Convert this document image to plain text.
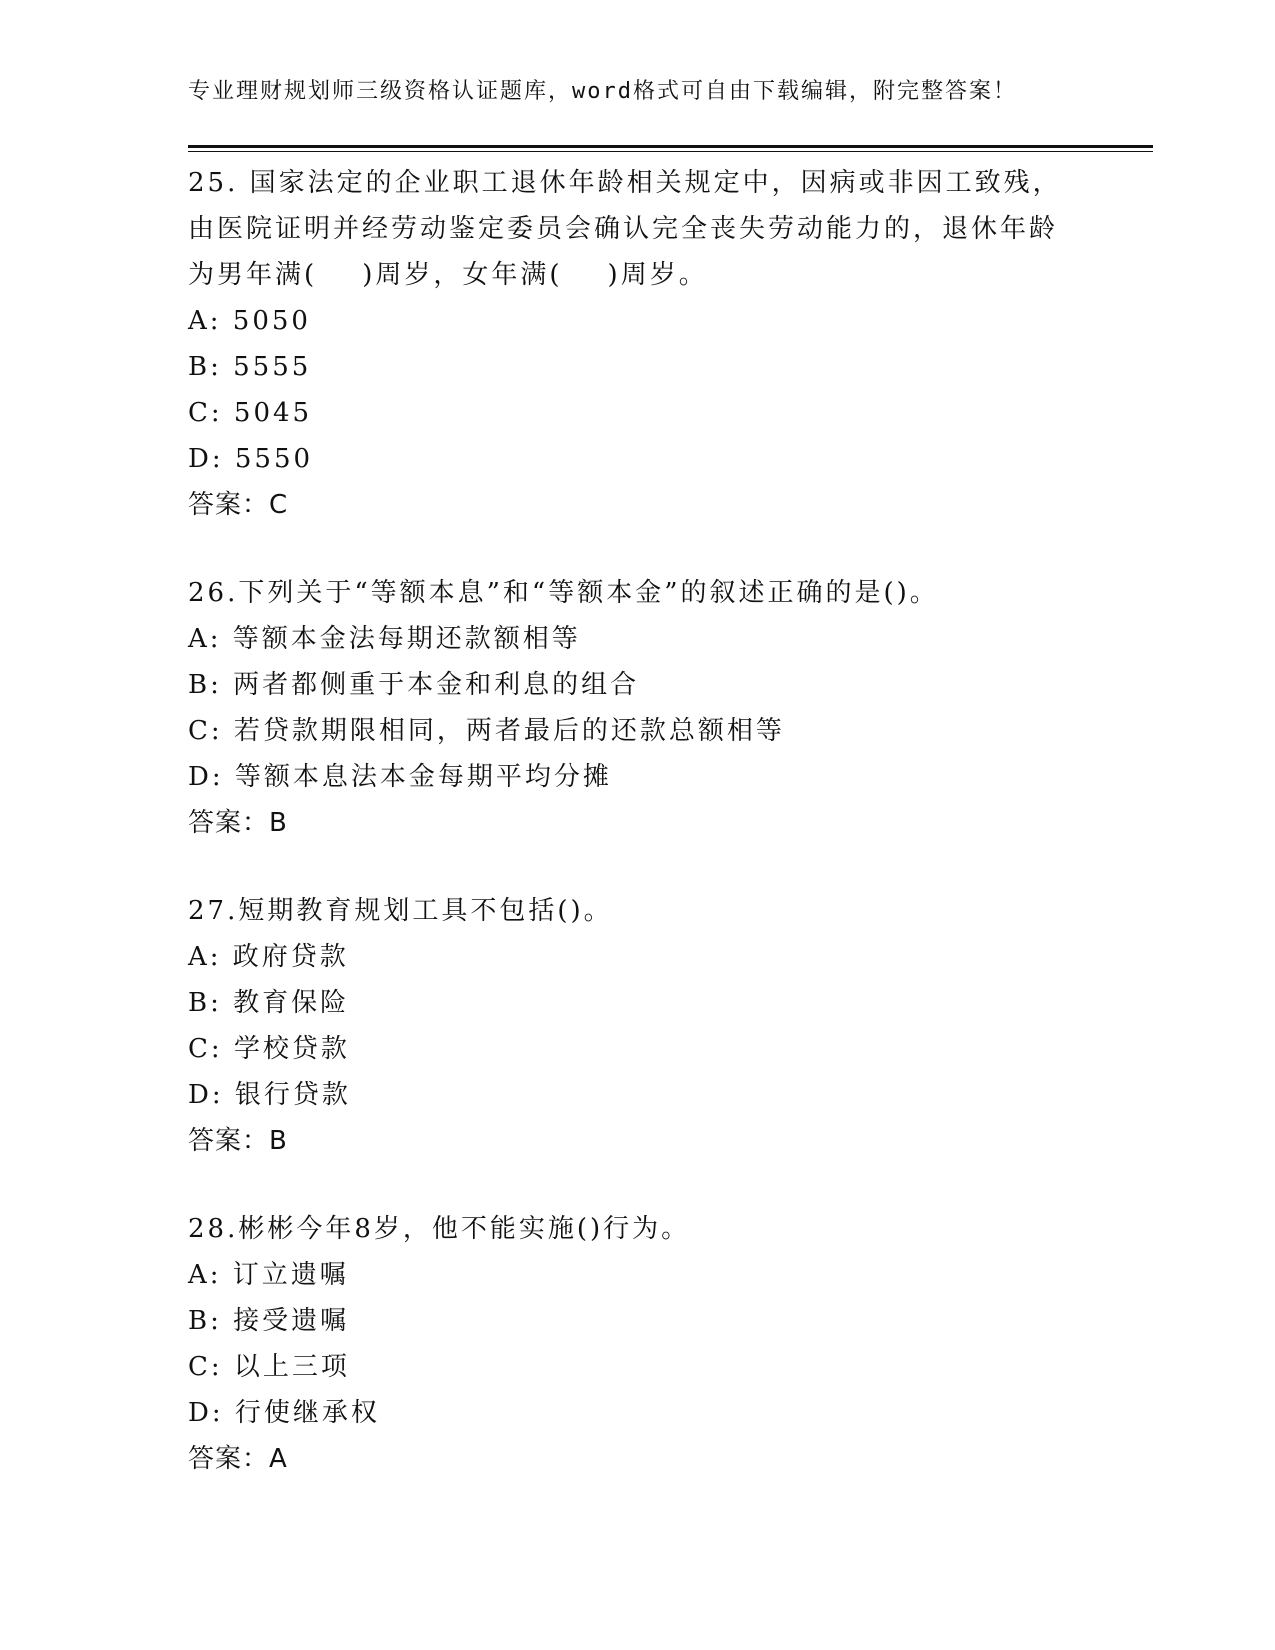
专业理财规划师三级资格认证题库，word格式可自由下载编辑，附完整答案！
25. 国家法定的企业职工退休年龄相关规定中，因病或非因工致残，
由医院证明并经劳动鉴定委员会确认完全丧失劳动能力的，退休年龄
为男年满(    )周岁，女年满(    )周岁。
A: 5050
B: 5555
C: 5045
D: 5550
答案：C
26.下列关于“等额本息”和“等额本金”的叙述正确的是()。
A: 等额本金法每期还款额相等
B: 两者都侧重于本金和利息的组合
C: 若贷款期限相同，两者最后的还款总额相等
D: 等额本息法本金每期平均分摊
答案：B
27.短期教育规划工具不包括()。
A: 政府贷款
B: 教育保险
C: 学校贷款
D: 银行贷款
答案：B
28.彬彬今年8岁，他不能实施()行为。
A: 订立遗嘱
B: 接受遗嘱
C: 以上三项
D: 行使继承权
答案：A
